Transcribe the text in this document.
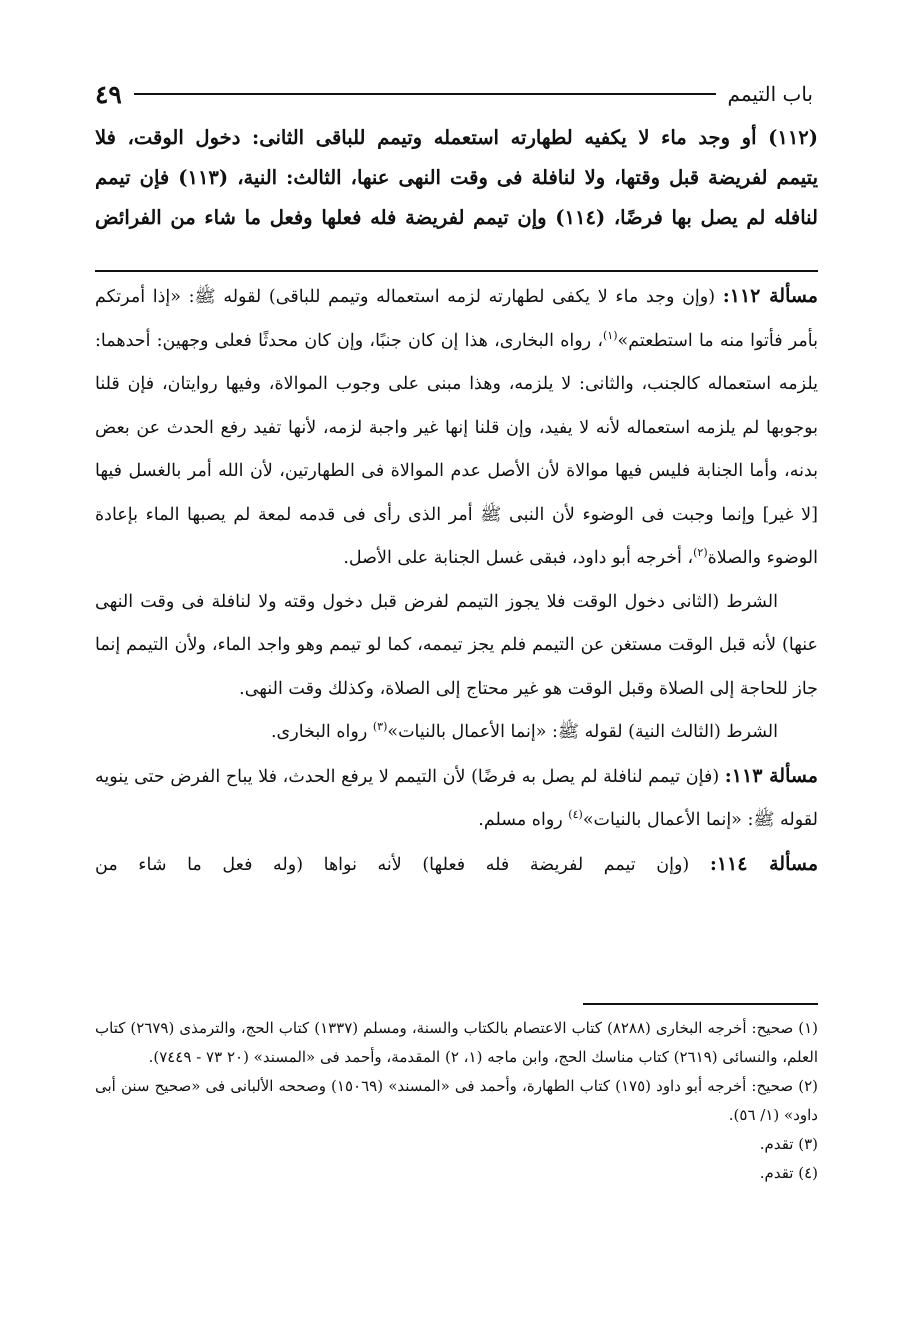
باب التيمم
٤٩

(١١٢) أو وجد ماء لا يكفيه لطهارته استعمله وتيمم للباقى الثانى: دخول الوقت، فلا

يتيمم لفريضة قبل وقتها، ولا لنافلة فى وقت النهى عنها، الثالث: النية، (١١٣) فإن تيمم

لنافله لم يصل بها فرضًا، (١١٤) وإن تيمم لفريضة فله فعلها وفعل ما شاء من الفرائض

مسألة ١١٢: (وإن وجد ماء لا يكفى لطهارته لزمه استعماله وتيمم للباقى) لقوله ﷺ: «إذا أمرتكم بأمر فأتوا منه ما استطعتم»$^{(١)}$، رواه البخارى، هذا إن كان جنبًا، وإن كان محدثًا فعلى وجهين: أحدهما: يلزمه استعماله كالجنب، والثانى: لا يلزمه، وهذا مبنى على وجوب الموالاة، وفيها روايتان، فإن قلنا بوجوبها لم يلزمه استعماله لأنه لا يفيد، وإن قلنا إنها غير واجبة لزمه، لأنها تفيد رفع الحدث عن بعض بدنه، وأما الجنابة فليس فيها موالاة لأن الأصل عدم الموالاة فى الطهارتين، لأن الله أمر بالغسل فيها [لا غير] وإنما وجبت فى الوضوء لأن النبى ﷺ أمر الذى رأى فى قدمه لمعة لم يصبها الماء بإعادة الوضوء والصلاة$^{(٢)}$، أخرجه أبو داود، فبقى غسل الجنابة على الأصل.

الشرط (الثانى دخول الوقت فلا يجوز التيمم لفرض قبل دخول وقته ولا لنافلة فى وقت النهى عنها) لأنه قبل الوقت مستغن عن التيمم فلم يجز تيممه، كما لو تيمم وهو واجد الماء، ولأن التيمم إنما جاز للحاجة إلى الصلاة وقبل الوقت هو غير محتاج إلى الصلاة، وكذلك وقت النهى.

الشرط (الثالث النية) لقوله ﷺ: «إنما الأعمال بالنيات»$^{(٣)}$ رواه البخارى.

مسألة ١١٣: (فإن تيمم لنافلة لم يصل به فرضًا) لأن التيمم لا يرفع الحدث، فلا يباح الفرض حتى ينويه لقوله ﷺ: «إنما الأعمال بالنيات»$^{(٤)}$ رواه مسلم.

مسألة ١١٤: (وإن تيمم لفريضة فله فعلها) لأنه نواها (وله فعل ما شاء من

(١) صحيح: أخرجه البخارى (٨٢٨٨) كتاب الاعتصام بالكتاب والسنة، ومسلم (١٣٣٧) كتاب الحج، والترمذى (٢٦٧٩) كتاب العلم، والنسائى (٢٦١٩) كتاب مناسك الحج، وابن ماجه (١، ٢) المقدمة، وأحمد فى «المسند» (٢٠ ٧٣ - ٧٤٤٩).

(٢) صحيح: أخرجه أبو داود (١٧٥) كتاب الطهارة، وأحمد فى «المسند» (١٥٠٦٩) وصححه الألبانى فى «صحيح سنن أبى داود» (١/ ٥٦).

(٣) تقدم.

(٤) تقدم.
